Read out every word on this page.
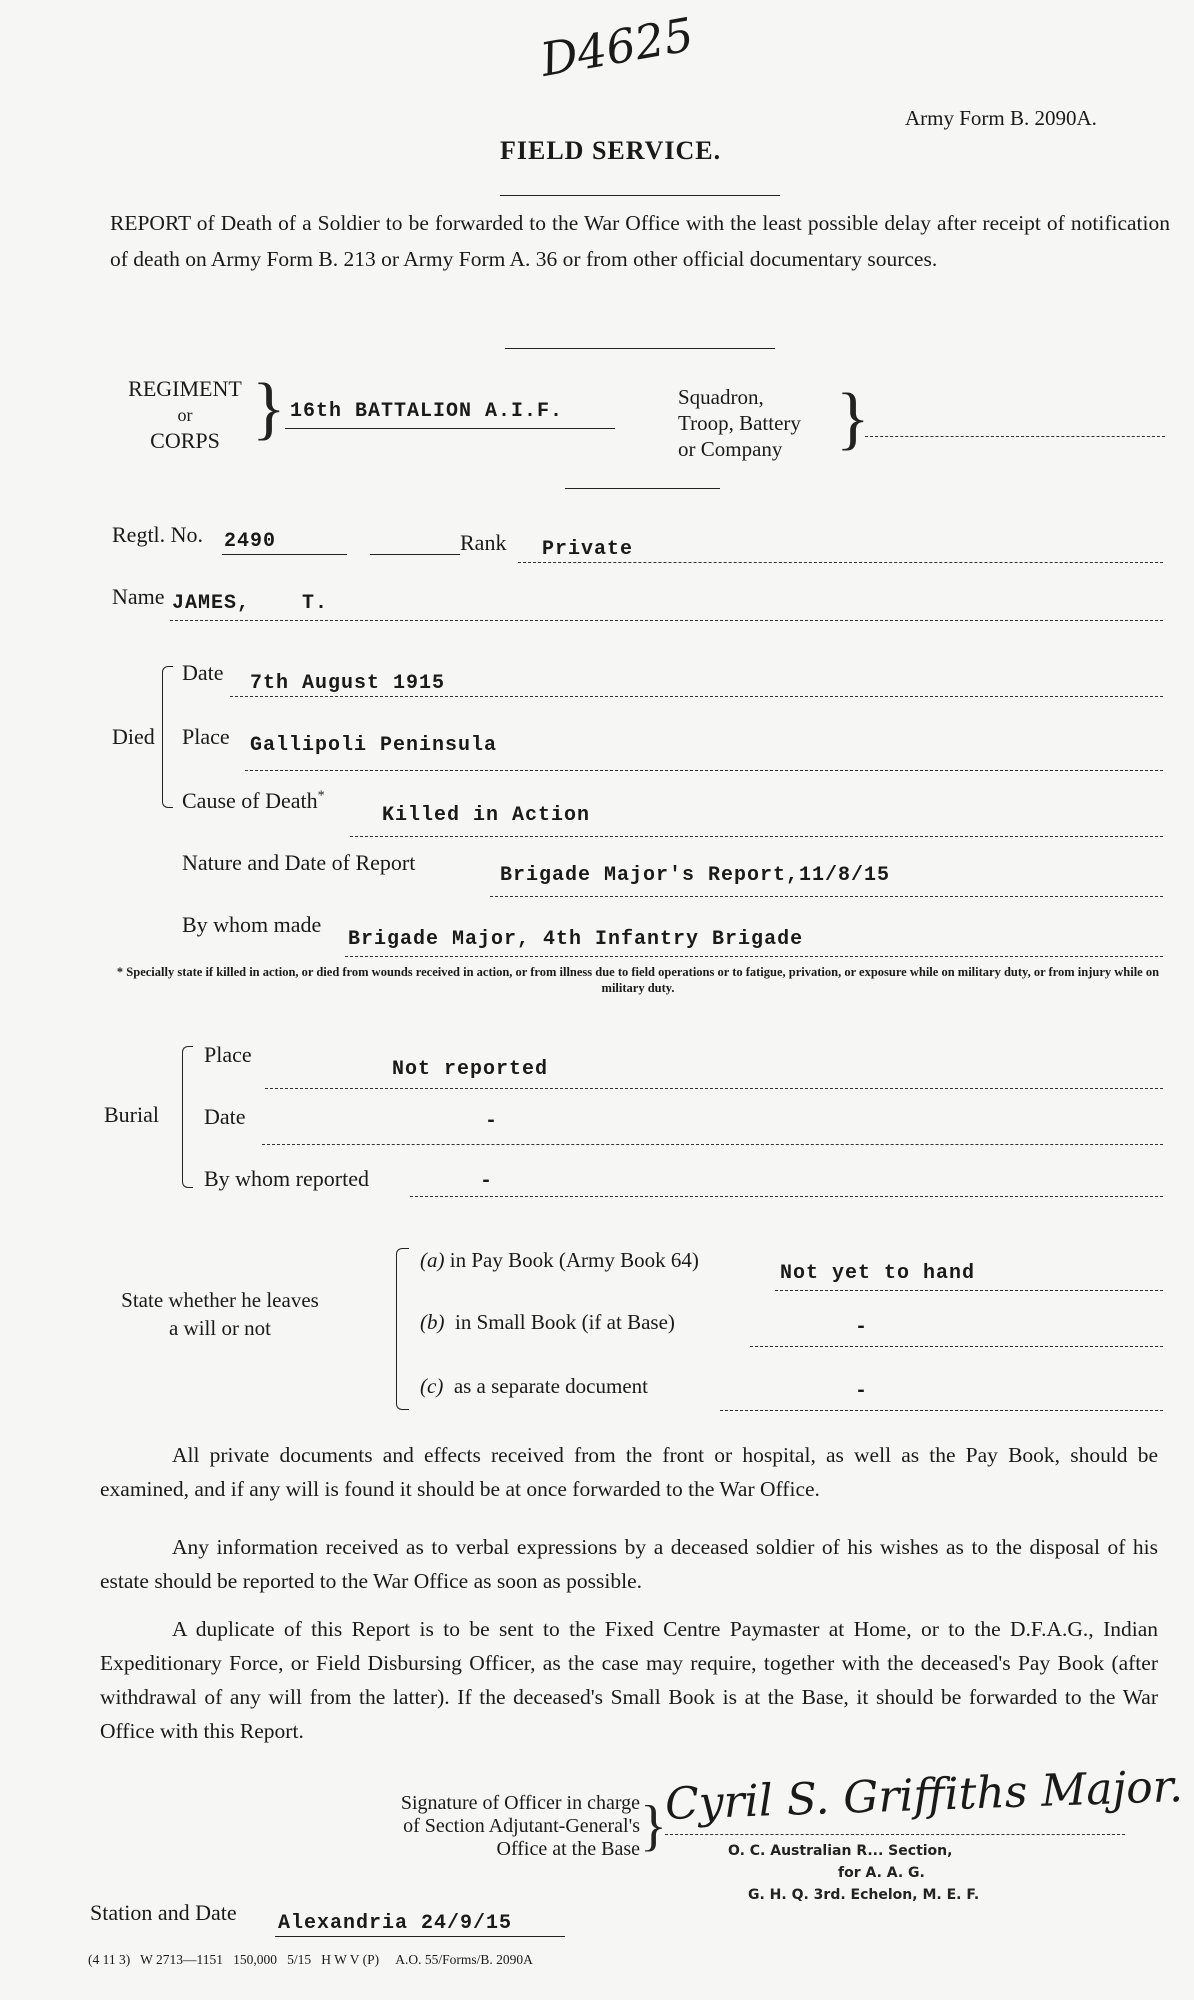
D4625
Army Form B. 2090A.
FIELD SERVICE.
REPORT of Death of a Soldier to be forwarded to the War Office with the least possible delay after receipt of notification of death on Army Form B. 213 or Army Form A. 36 or from other official documentary sources.
REGIMENT
or
CORPS } 16th BATTALION A.I.F.
Squadron,
Troop, Battery
or Company }
Regtl. No. 2490	Rank Private
Name JAMES,    T.
Died
Date 7th August 1915
Place Gallipoli Peninsula
Cause of Death*
Killed in Action
Nature and Date of Report
Brigade Major's Report,11/8/15
By whom made
Brigade Major, 4th Infantry Brigade
* Specially state if killed in action, or died from wounds received in action, or from illness due to field operations or to fatigue, privation, or exposure while on military duty, or from injury while on military duty.
Burial
Place
Not reported
Date	-
By whom reported	-
State whether he leaves
a will or not
(a) in Pay Book (Army Book 64)
Not yet to hand
(b) in Small Book (if at Base)	-
(c) as a separate document	-
All private documents and effects received from the front or hospital, as well as the Pay Book, should be examined, and if any will is found it should be at once forwarded to the War Office.
Any information received as to verbal expressions by a deceased soldier of his wishes as to the disposal of his estate should be reported to the War Office as soon as possible.
A duplicate of this Report is to be sent to the Fixed Centre Paymaster at Home, or to the D.F.A.G., Indian Expeditionary Force, or Field Disbursing Officer, as the case may require, together with the deceased's Pay Book (after withdrawal of any will from the latter). If the deceased's Small Book is at the Base, it should be forwarded to the War Office with this Report.
Signature of Officer in charge
of Section Adjutant-General's
Office at the Base }
Cyril S. Griffiths Major.
O. C. Australian R... Section,
for A. A. G.
G. H. Q. 3rd. Echelon, M. E. F.
Station and Date Alexandria 24/9/15
(4 11 3)   W 2713—1151   150,000   5/15   H W V (P)     A.O. 55/Forms/B. 2090A
